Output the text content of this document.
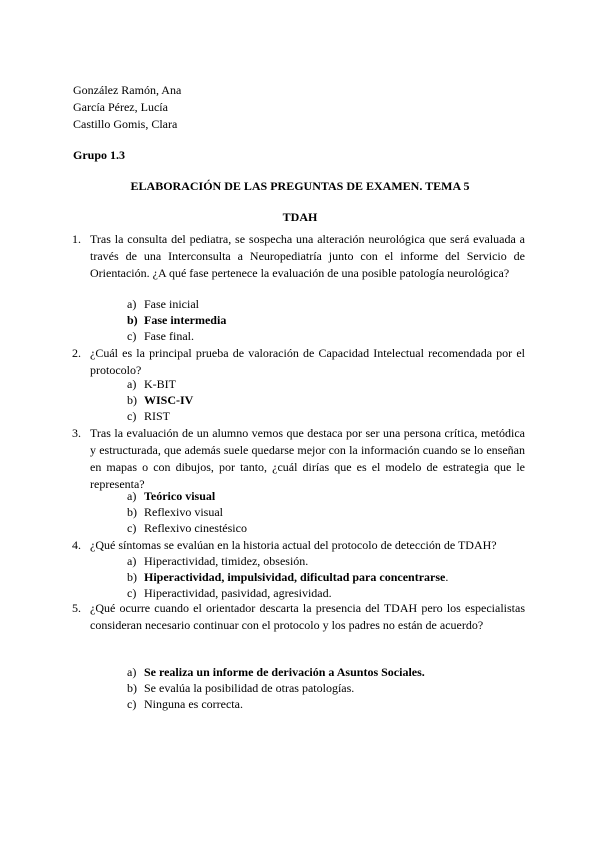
González Ramón, Ana
García Pérez, Lucía
Castillo Gomis, Clara
Grupo 1.3
ELABORACIÓN DE LAS PREGUNTAS DE EXAMEN. TEMA 5
TDAH
1. Tras la consulta del pediatra, se sospecha una alteración neurológica que será evaluada a través de una Interconsulta a Neuropediatría junto con el informe del Servicio de Orientación. ¿A qué fase pertenece la evaluación de una posible patología neurológica?
a) Fase inicial
b) Fase intermedia
c) Fase final.
2. ¿Cuál es la principal prueba de valoración de Capacidad Intelectual recomendada por el protocolo?
a) K-BIT
b) WISC-IV
c) RIST
3. Tras la evaluación de un alumno vemos que destaca por ser una persona crítica, metódica y estructurada, que además suele quedarse mejor con la información cuando se lo enseñan en mapas o con dibujos, por tanto, ¿cuál dirías que es el modelo de estrategia que le representa?
a) Teórico visual
b) Reflexivo visual
c) Reflexivo cinestésico
4. ¿Qué síntomas se evalúan en la historia actual del protocolo de detección de TDAH?
a) Hiperactividad, timidez, obsesión.
b) Hiperactividad, impulsividad, dificultad para concentrarse.
c) Hiperactividad, pasividad, agresividad.
5. ¿Qué ocurre cuando el orientador descarta la presencia del TDAH pero los especialistas consideran necesario continuar con el protocolo y los padres no están de acuerdo?
a) Se realiza un informe de derivación a Asuntos Sociales.
b) Se evalúa la posibilidad de otras patologías.
c) Ninguna es correcta.
